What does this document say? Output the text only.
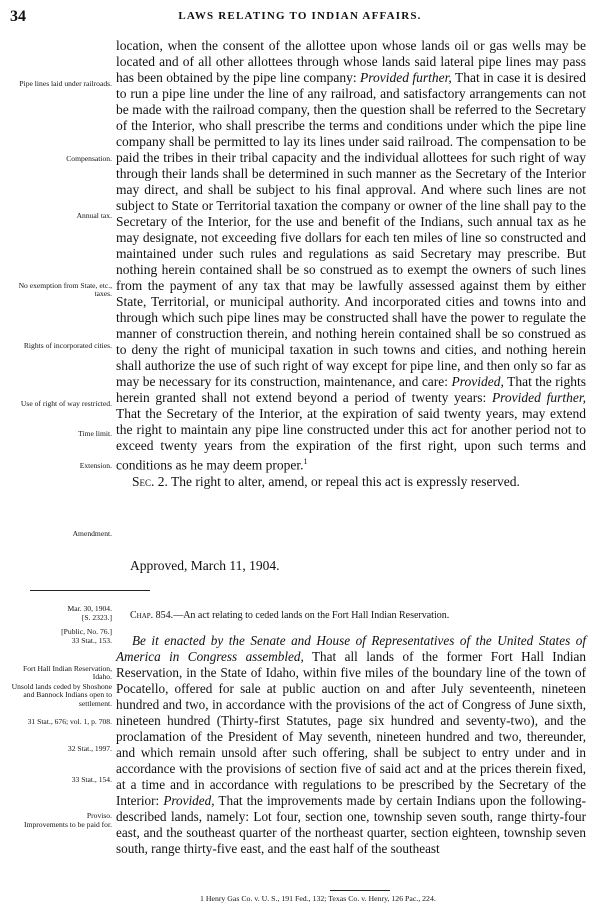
34	LAWS RELATING TO INDIAN AFFAIRS.
Pipe lines laid under railroads.
Compensation.
Annual tax.
No exemption from State, etc., taxes.
Rights of incorporated cities.
Use of right of way restricted.
Time limit.
Extension.
Amendment.

location, when the consent of the allottee upon whose lands oil or gas wells may be located and of all other allottees through whose lands said lateral pipe lines may pass has been obtained by the pipe line company: Provided further, That in case it is desired to run a pipe line under the line of any railroad, and satisfactory arrangements can not be made with the railroad company, then the question shall be referred to the Secretary of the Interior, who shall prescribe the terms and conditions under which the pipe line company shall be permitted to lay its lines under said railroad. The compensation to be paid the tribes in their tribal capacity and the individual allottees for such right of way through their lands shall be determined in such manner as the Secretary of the Interior may direct, and shall be subject to his final approval. And where such lines are not subject to State or Territorial taxation the company or owner of the line shall pay to the Secretary of the Interior, for the use and benefit of the Indians, such annual tax as he may designate, not exceeding five dollars for each ten miles of line so constructed and maintained under such rules and regulations as said Secretary may prescribe. But nothing herein contained shall be so construed as to exempt the owners of such lines from the payment of any tax that may be lawfully assessed against them by either State, Territorial, or municipal authority. And incorporated cities and towns into and through which such pipe lines may be constructed shall have the power to regulate the manner of construction therein, and nothing herein contained shall be so construed as to deny the right of municipal taxation in such towns and cities, and nothing herein shall authorize the use of such right of way except for pipe line, and then only so far as may be necessary for its construction, maintenance, and care: Provided, That the rights herein granted shall not extend beyond a period of twenty years: Provided further, That the Secretary of the Interior, at the expiration of said twenty years, may extend the right to maintain any pipe line constructed under this act for another period not to exceed twenty years from the expiration of the first right, upon such terms and conditions as he may deem proper.$^1$

Sec. 2. The right to alter, amend, or repeal this act is expressly reserved.

Approved, March 11, 1904.
Mar. 30, 1904.
[S. 2323.]
[Public, No. 76.]
33 Stat., 153.
Fort Hall Indian Reservation, Idaho.
Unsold lands ceded by Shoshone and Bannock Indians open to settlement.
31 Stat., 676; vol. 1, p. 708.
32 Stat., 1997.
33 Stat., 154.
Proviso.
Improvements to be paid for.
Chap. 854.—An act relating to ceded lands on the Fort Hall Indian Reservation.

Be it enacted by the Senate and House of Representatives of the United States of America in Congress assembled, That all lands of the former Fort Hall Indian Reservation, in the State of Idaho, within five miles of the boundary line of the town of Pocatello, offered for sale at public auction on and after July seventeenth, nineteen hundred and two, in accordance with the provisions of the act of Congress of June sixth, nineteen hundred (Thirty-first Statutes, page six hundred and seventy-two), and the proclamation of the President of May seventh, nineteen hundred and two, thereunder, and which remain unsold after such offering, shall be subject to entry under and in accordance with the provisions of section five of said act and at the prices therein fixed, at a time and in accordance with regulations to be prescribed by the Secretary of the Interior: Provided, That the improvements made by certain Indians upon the following-described lands, namely: Lot four, section one, township seven south, range thirty-four east, and the southeast quarter of the northeast quarter, section eighteen, township seven south, range thirty-five east, and the east half of the southeast

1 Henry Gas Co. v. U. S., 191 Fed., 132; Texas Co. v. Henry, 126 Pac., 224.
